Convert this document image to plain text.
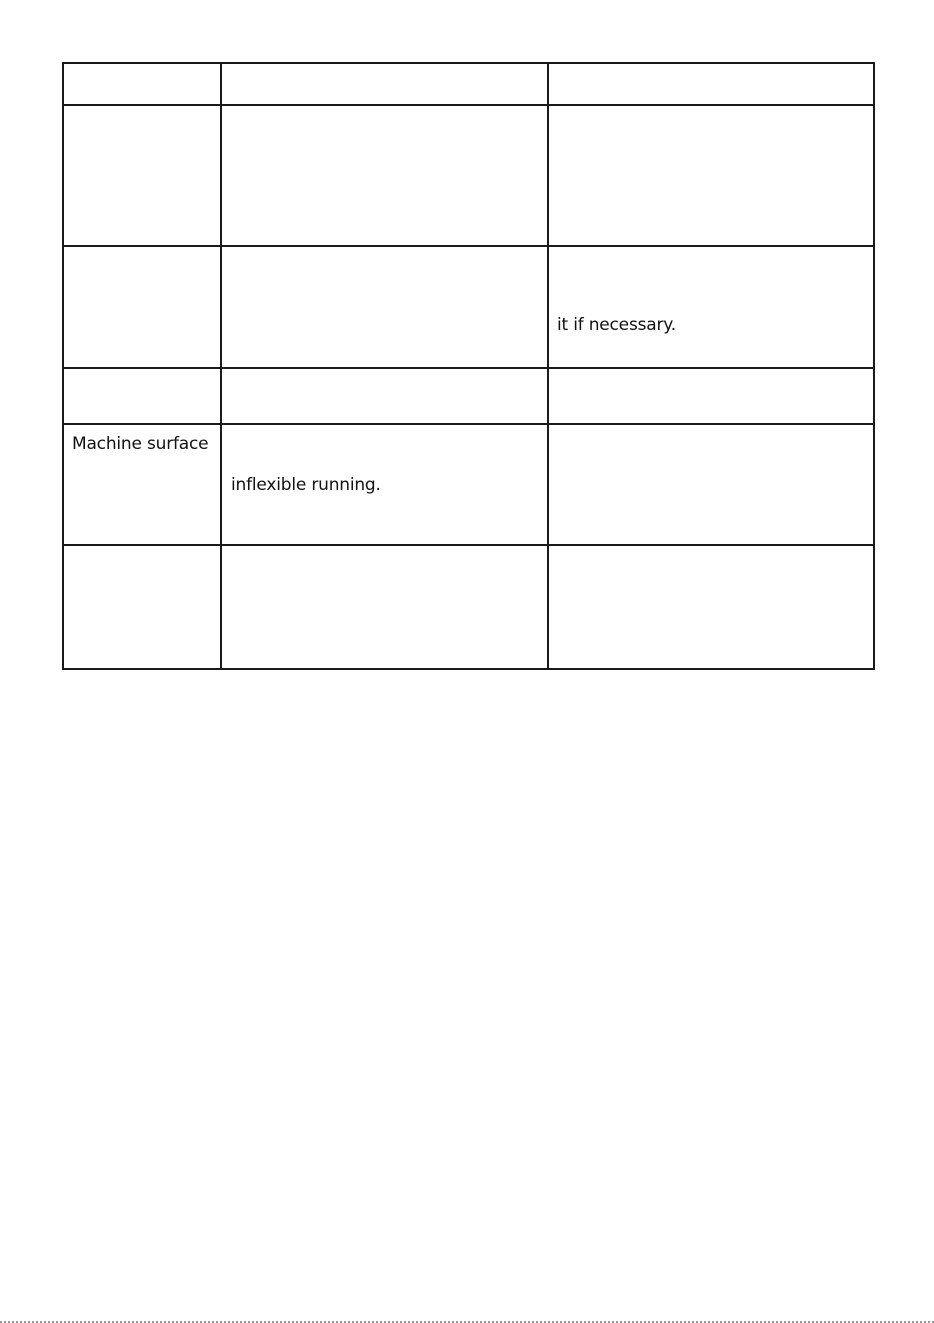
		it if necessary.

Machine surface	inflexible running.	
